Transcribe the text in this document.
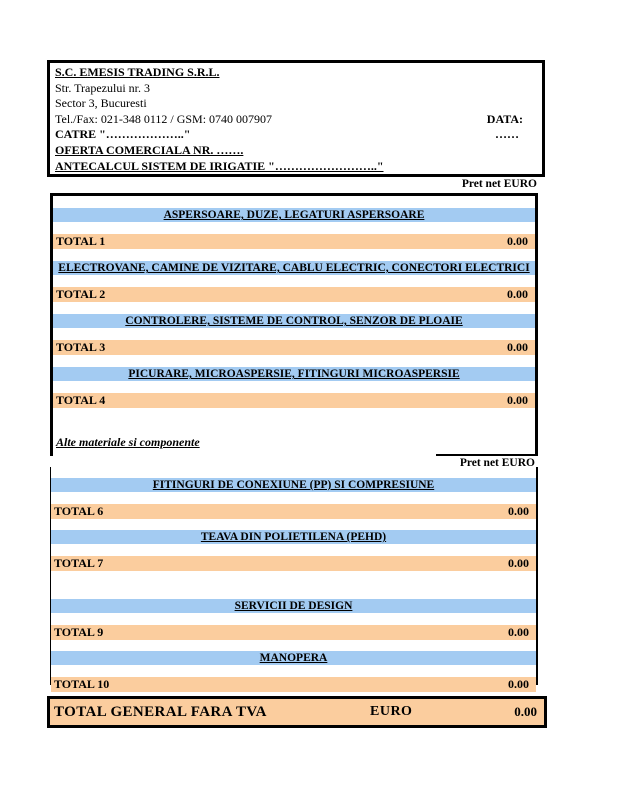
S.C. EMESIS TRADING S.R.L.
Str. Trapezului nr. 3
Sector 3, Bucuresti
Tel./Fax: 021-348 0112 / GSM: 0740 007907	DATA:
CATRE "……………….."	……
OFERTA COMERCIALA NR. …….
ANTECALCUL SISTEM DE IRIGATIE "…………………….."
Pret net EURO
ASPERSOARE, DUZE, LEGATURI ASPERSOARE
TOTAL 1	0.00
ELECTROVANE, CAMINE DE VIZITARE, CABLU ELECTRIC, CONECTORI ELECTRICI
TOTAL 2	0.00
CONTROLERE, SISTEME DE CONTROL, SENZOR DE PLOAIE
TOTAL 3	0.00
PICURARE, MICROASPERSIE, FITINGURI MICROASPERSIE
TOTAL 4	0.00
Alte materiale si componente
Pret net EURO
FITINGURI DE CONEXIUNE (PP) SI COMPRESIUNE
TOTAL 6	0.00
TEAVA DIN POLIETILENA (PEHD)
TOTAL 7	0.00
SERVICII DE DESIGN
TOTAL 9	0.00
MANOPERA
TOTAL 10	0.00
TOTAL GENERAL FARA TVA	EURO	0.00
